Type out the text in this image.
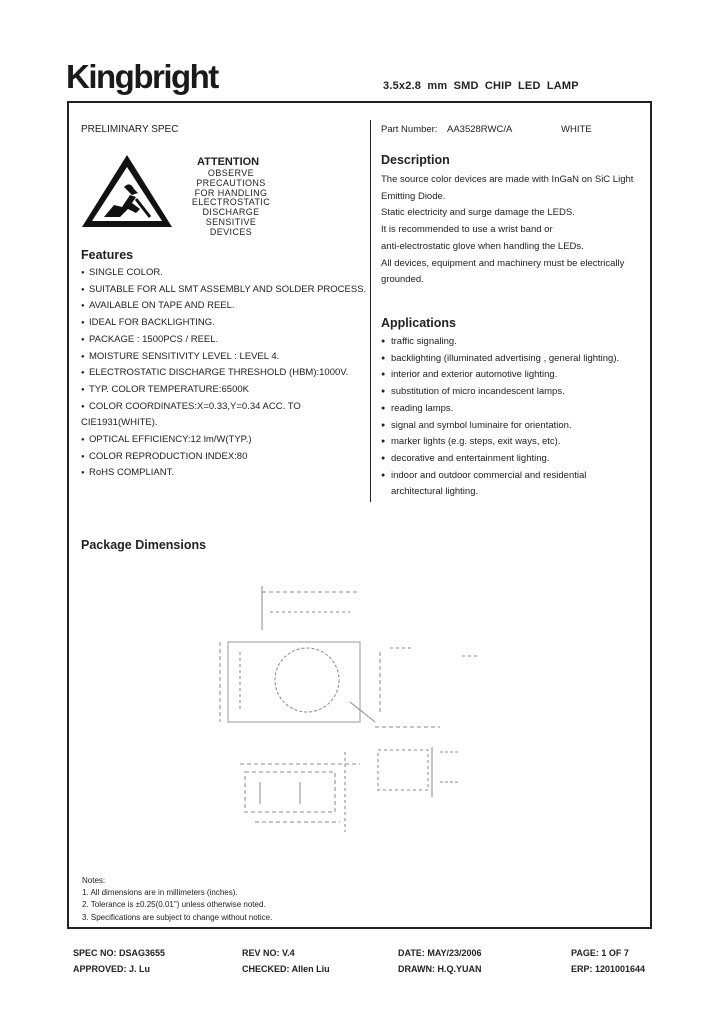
Kingbright	3.5x2.8 mm SMD CHIP LED LAMP
PRELIMINARY SPEC
ATTENTION
OBSERVE PRECAUTIONS
FOR HANDLING
ELECTROSTATIC
DISCHARGE
SENSITIVE
DEVICES
Features
● SINGLE COLOR.
● SUITABLE FOR ALL SMT ASSEMBLY AND SOLDER PROCESS.
● AVAILABLE ON TAPE AND REEL.
● IDEAL FOR BACKLIGHTING.
● PACKAGE : 1500PCS / REEL.
● MOISTURE SENSITIVITY LEVEL : LEVEL 4.
● ELECTROSTATIC DISCHARGE THRESHOLD (HBM):1000V.
● TYP. COLOR TEMPERATURE:6500K
● COLOR COORDINATES:X=0.33,Y=0.34 ACC. TO
CIE1931(WHITE).
● OPTICAL EFFICIENCY:12 lm/W(TYP.)
● COLOR REPRODUCTION INDEX:80
● RoHS COMPLIANT.
Part Number: AA3528RWC/A	WHITE
Description
The source color devices are made with InGaN on SiC Light
Emitting Diode.
Static electricity and surge damage the LEDS.
It is recommended to use a wrist band or
anti-electrostatic glove when handling the LEDs.
All devices, equipment and machinery must be electrically
grounded.
Applications
● traffic signaling.
● backlighting (illuminated advertising , general lighting).
● interior and exterior automotive lighting.
● substitution of micro incandescent lamps.
● reading lamps.
● signal and symbol luminaire for orientation.
● marker lights (e.g. steps, exit ways, etc).
● decorative and entertainment lighting.
● indoor and outdoor commercial and residential
architectural lighting.
Package Dimensions
Notes:
1. All dimensions are in millimeters (inches).
2. Tolerance is ±0.25(0.01") unless otherwise noted.
3. Specifications are subject to change without notice.
SPEC NO: DSAG3655	REV NO: V.4	DATE: MAY/23/2006	PAGE: 1 OF 7
APPROVED: J. Lu	CHECKED: Allen Liu	DRAWN: H.Q.YUAN	ERP: 1201001644
